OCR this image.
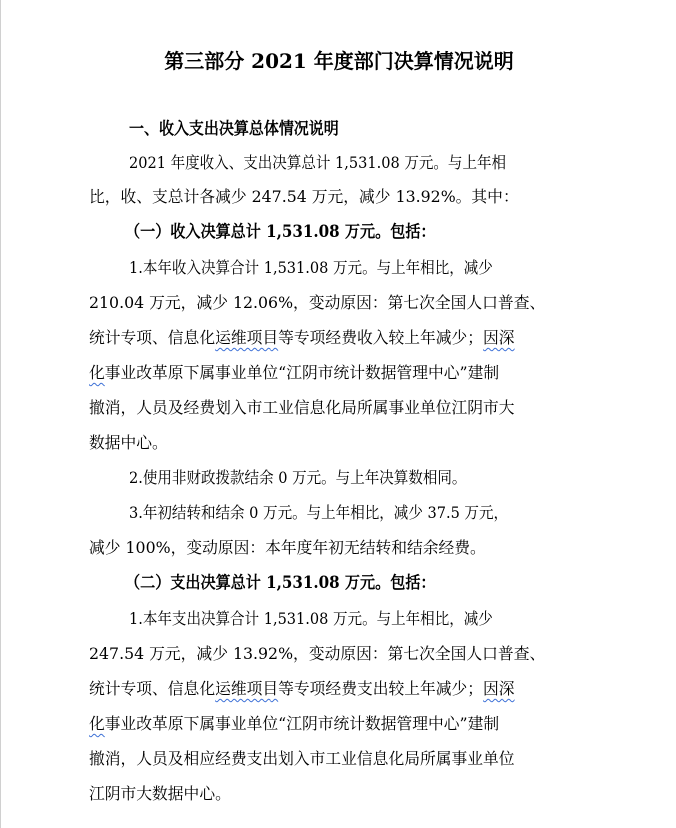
第三部分 2021 年度部门决算情况说明
一、收入支出决算总体情况说明
2021 年度收入、支出决算总计 1,531.08 万元。与上年相
比，收、支总计各减少 247.54 万元，减少 13.92%。其中：
（一）收入决算总计 1,531.08 万元。包括：
1.本年收入决算合计 1,531.08 万元。与上年相比，减少
210.04 万元，减少 12.06%，变动原因：第七次全国人口普查、
统计专项、信息化运维项目等专项经费收入较上年减少；因深
化事业改革原下属事业单位“江阴市统计数据管理中心”建制
撤消，人员及经费划入市工业信息化局所属事业单位江阴市大
数据中心。
2.使用非财政拨款结余 0 万元。与上年决算数相同。
3.年初结转和结余 0 万元。与上年相比，减少 37.5 万元，
减少 100%，变动原因：本年度年初无结转和结余经费。
（二）支出决算总计 1,531.08 万元。包括：
1.本年支出决算合计 1,531.08 万元。与上年相比，减少
247.54 万元，减少 13.92%，变动原因：第七次全国人口普查、
统计专项、信息化运维项目等专项经费支出较上年减少；因深
化事业改革原下属事业单位“江阴市统计数据管理中心”建制
撤消，人员及相应经费支出划入市工业信息化局所属事业单位
江阴市大数据中心。
